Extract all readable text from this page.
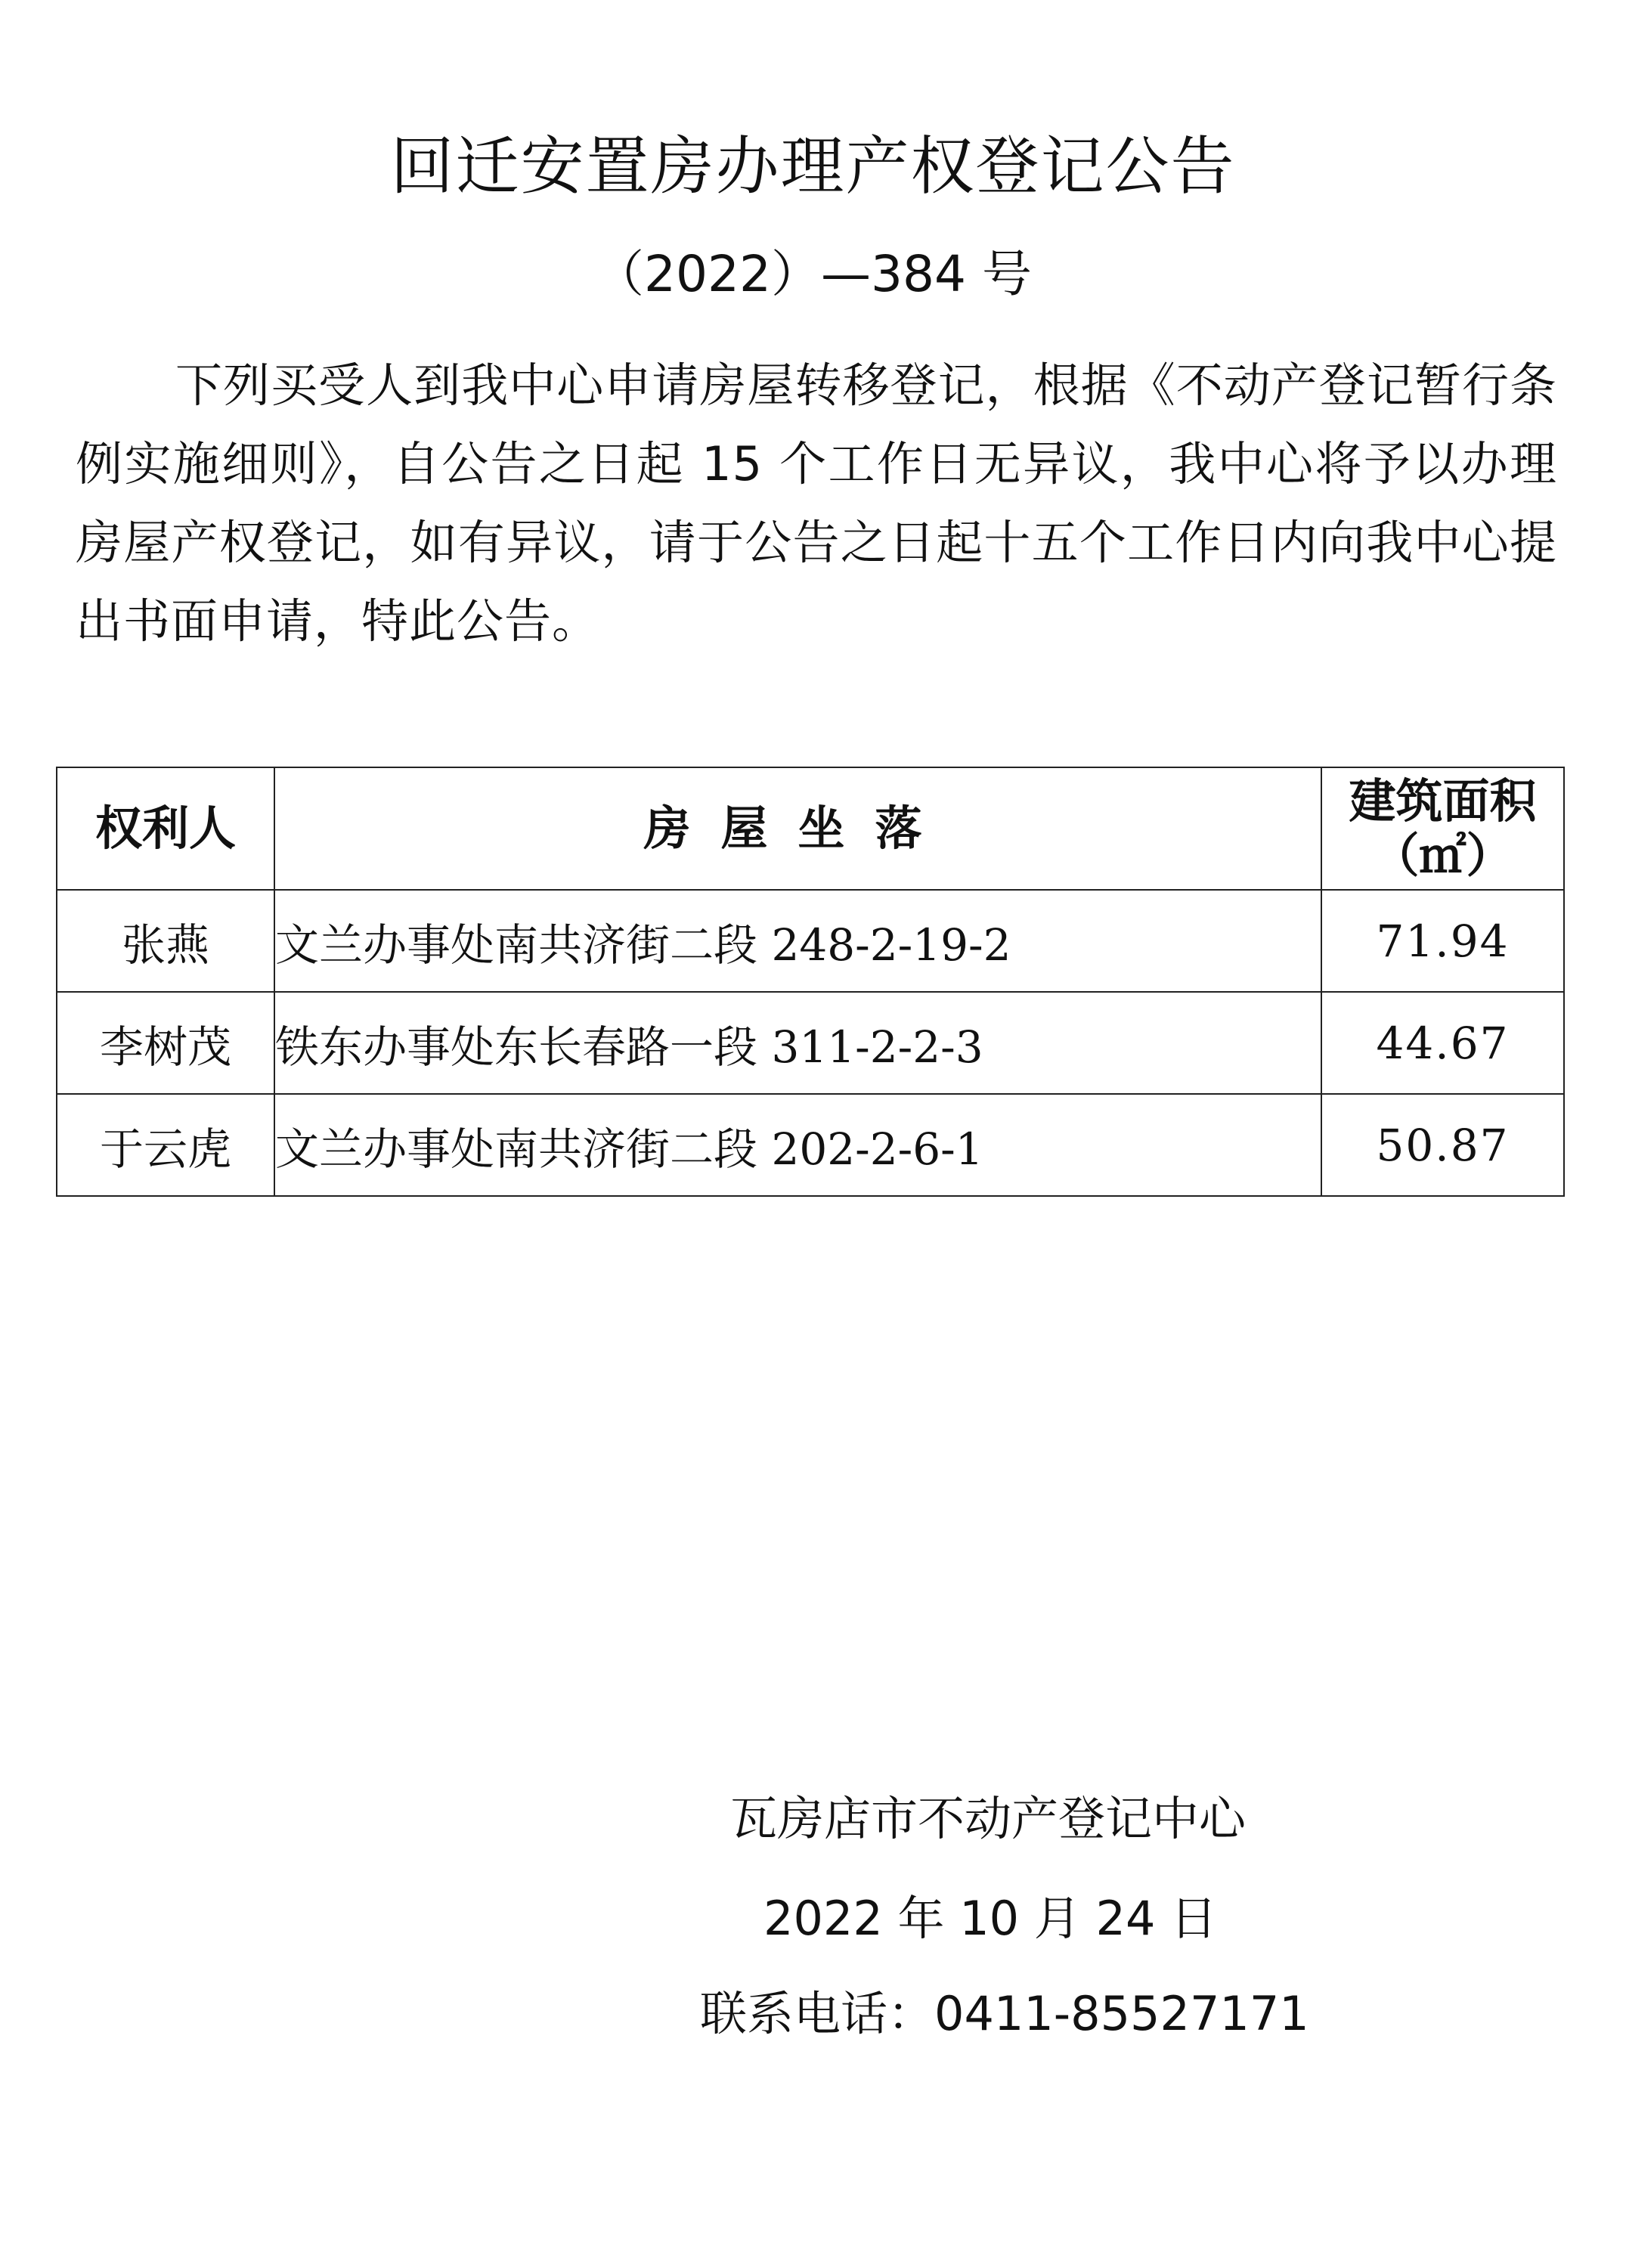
回迁安置房办理产权登记公告
（2022）—384 号
下列买受人到我中心申请房屋转移登记，根据《不动产登记暂行条例实施细则》，自公告之日起 15 个工作日无异议，我中心将予以办理房屋产权登记，如有异议，请于公告之日起十五个工作日内向我中心提出书面申请，特此公告。
权利人	房屋坐落	建筑面积
（㎡）

张燕	文兰办事处南共济街二段 248-2-19-2	71.94
李树茂	铁东办事处东长春路一段 311-2-2-3	44.67
于云虎	文兰办事处南共济街二段 202-2-6-1	50.87
瓦房店市不动产登记中心
2022 年 10 月 24 日
联系电话：0411-85527171
